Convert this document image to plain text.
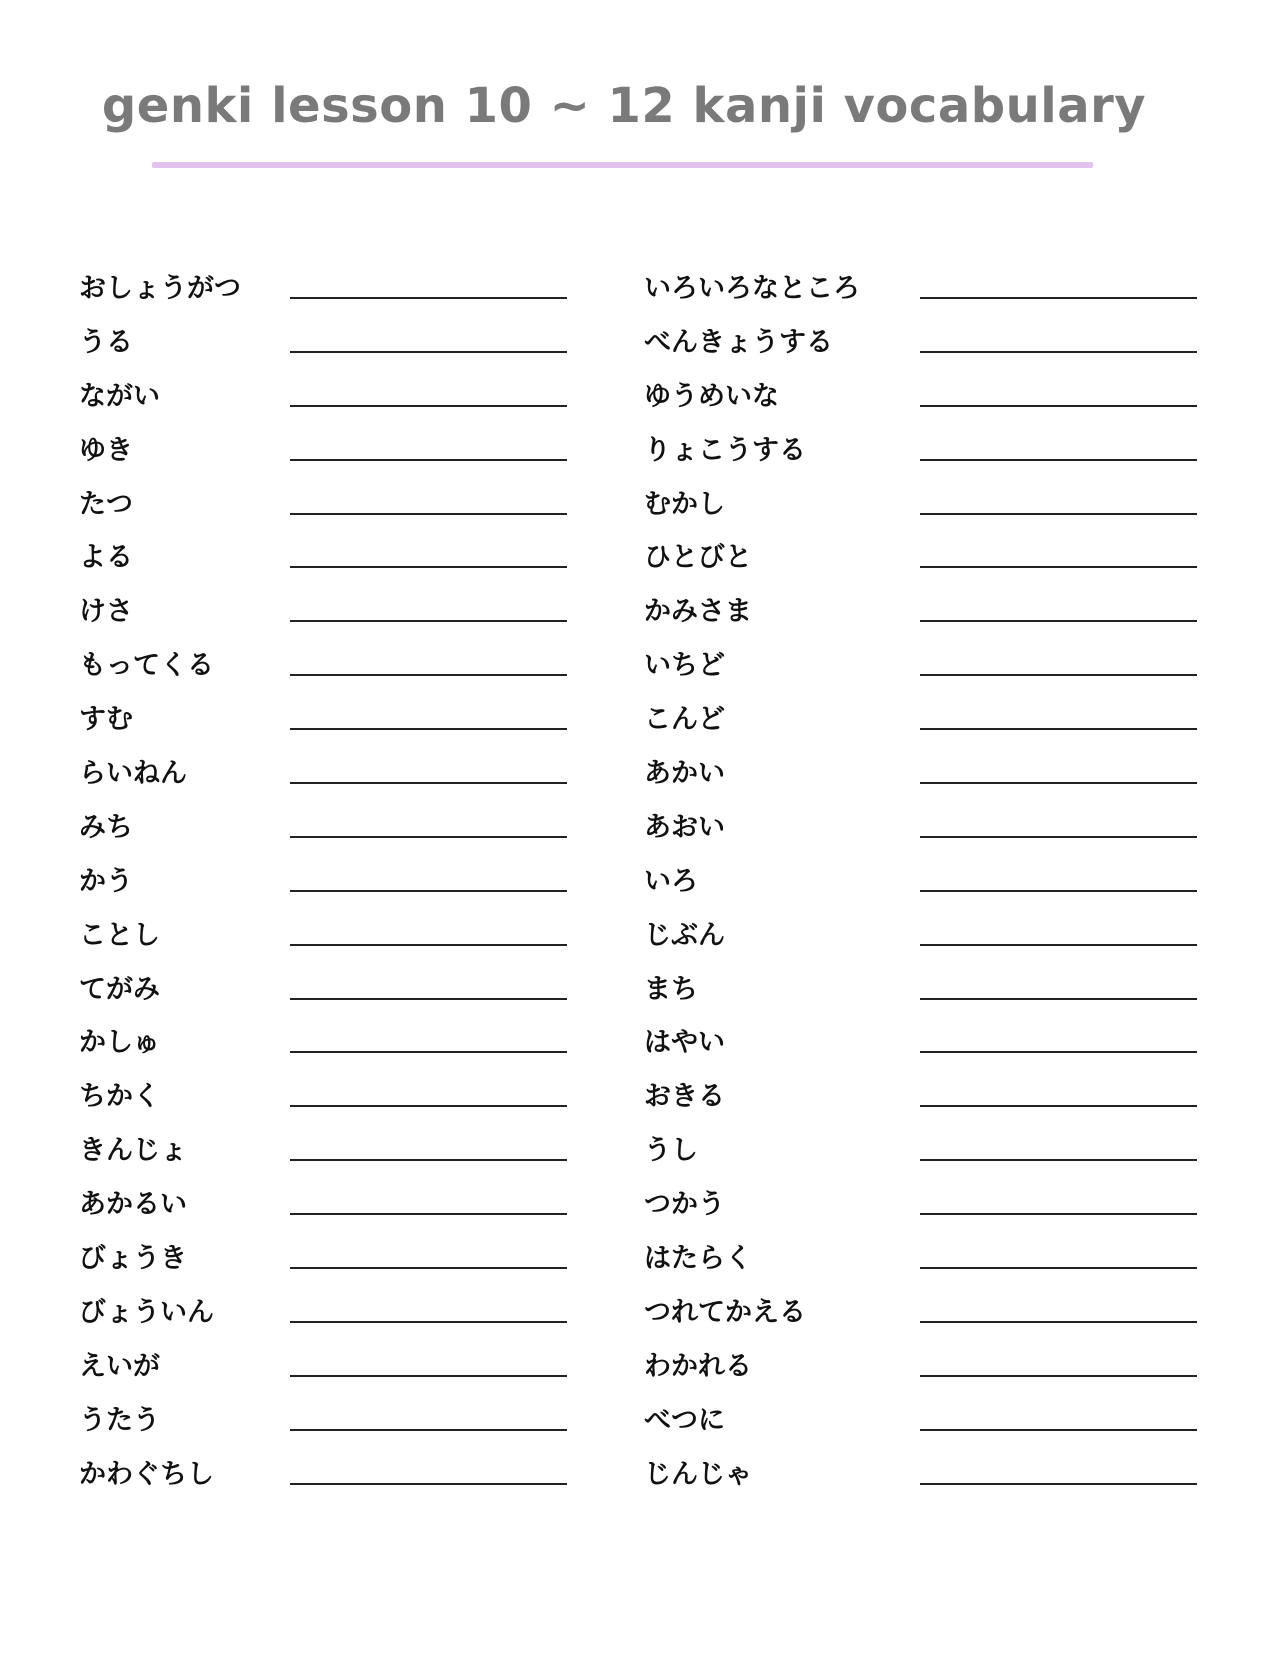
genki lesson 10 ~ 12 kanji vocabulary
おしょうがつ
うる
ながい
ゆき
たつ
よる
けさ
もってくる
すむ
らいねん
みち
かう
ことし
てがみ
かしゅ
ちかく
きんじょ
あかるい
びょうき
びょういん
えいが
うたう
かわぐちし
いろいろなところ
べんきょうする
ゆうめいな
りょこうする
むかし
ひとびと
かみさま
いちど
こんど
あかい
あおい
いろ
じぶん
まち
はやい
おきる
うし
つかう
はたらく
つれてかえる
わかれる
べつに
じんじゃ
